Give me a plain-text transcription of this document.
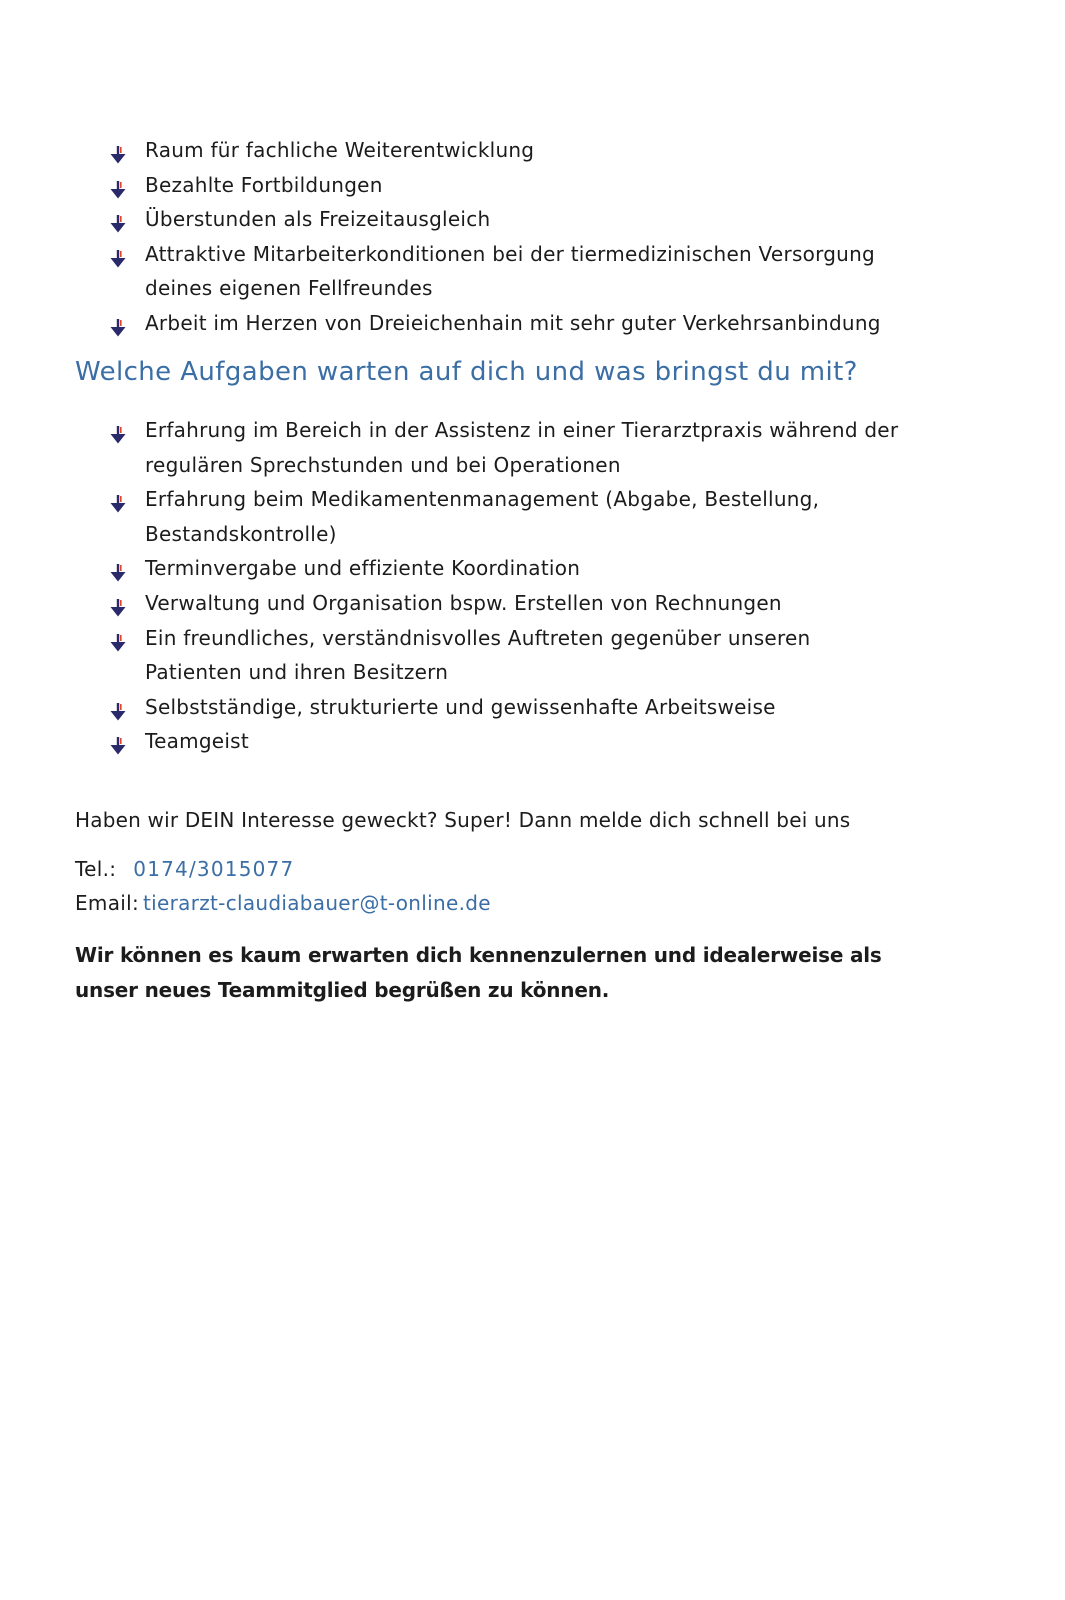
Raum für fachliche Weiterentwicklung
Bezahlte Fortbildungen
Überstunden als Freizeitausgleich
Attraktive Mitarbeiterkonditionen bei der tiermedizinischen Versorgung deines eigenen Fellfreundes
Arbeit im Herzen von Dreieichenhain mit sehr guter Verkehrsanbindung
Welche Aufgaben warten auf dich und was bringst du mit?
Erfahrung im Bereich in der Assistenz in einer Tierarztpraxis während der regulären Sprechstunden und bei Operationen
Erfahrung beim Medikamentenmanagement (Abgabe, Bestellung, Bestandskontrolle)
Terminvergabe und effiziente Koordination
Verwaltung und Organisation bspw. Erstellen von Rechnungen
Ein freundliches, verständnisvolles Auftreten gegenüber unseren Patienten und ihren Besitzern
Selbstständige, strukturierte und gewissenhafte Arbeitsweise
Teamgeist

Haben wir DEIN Interesse geweckt? Super! Dann melde dich schnell bei uns

Tel.: 0174/3015077

Email: tierarzt-claudiabauer@t-online.de

Wir können es kaum erwarten dich kennenzulernen und idealerweise als unser neues Teammitglied begrüßen zu können.
